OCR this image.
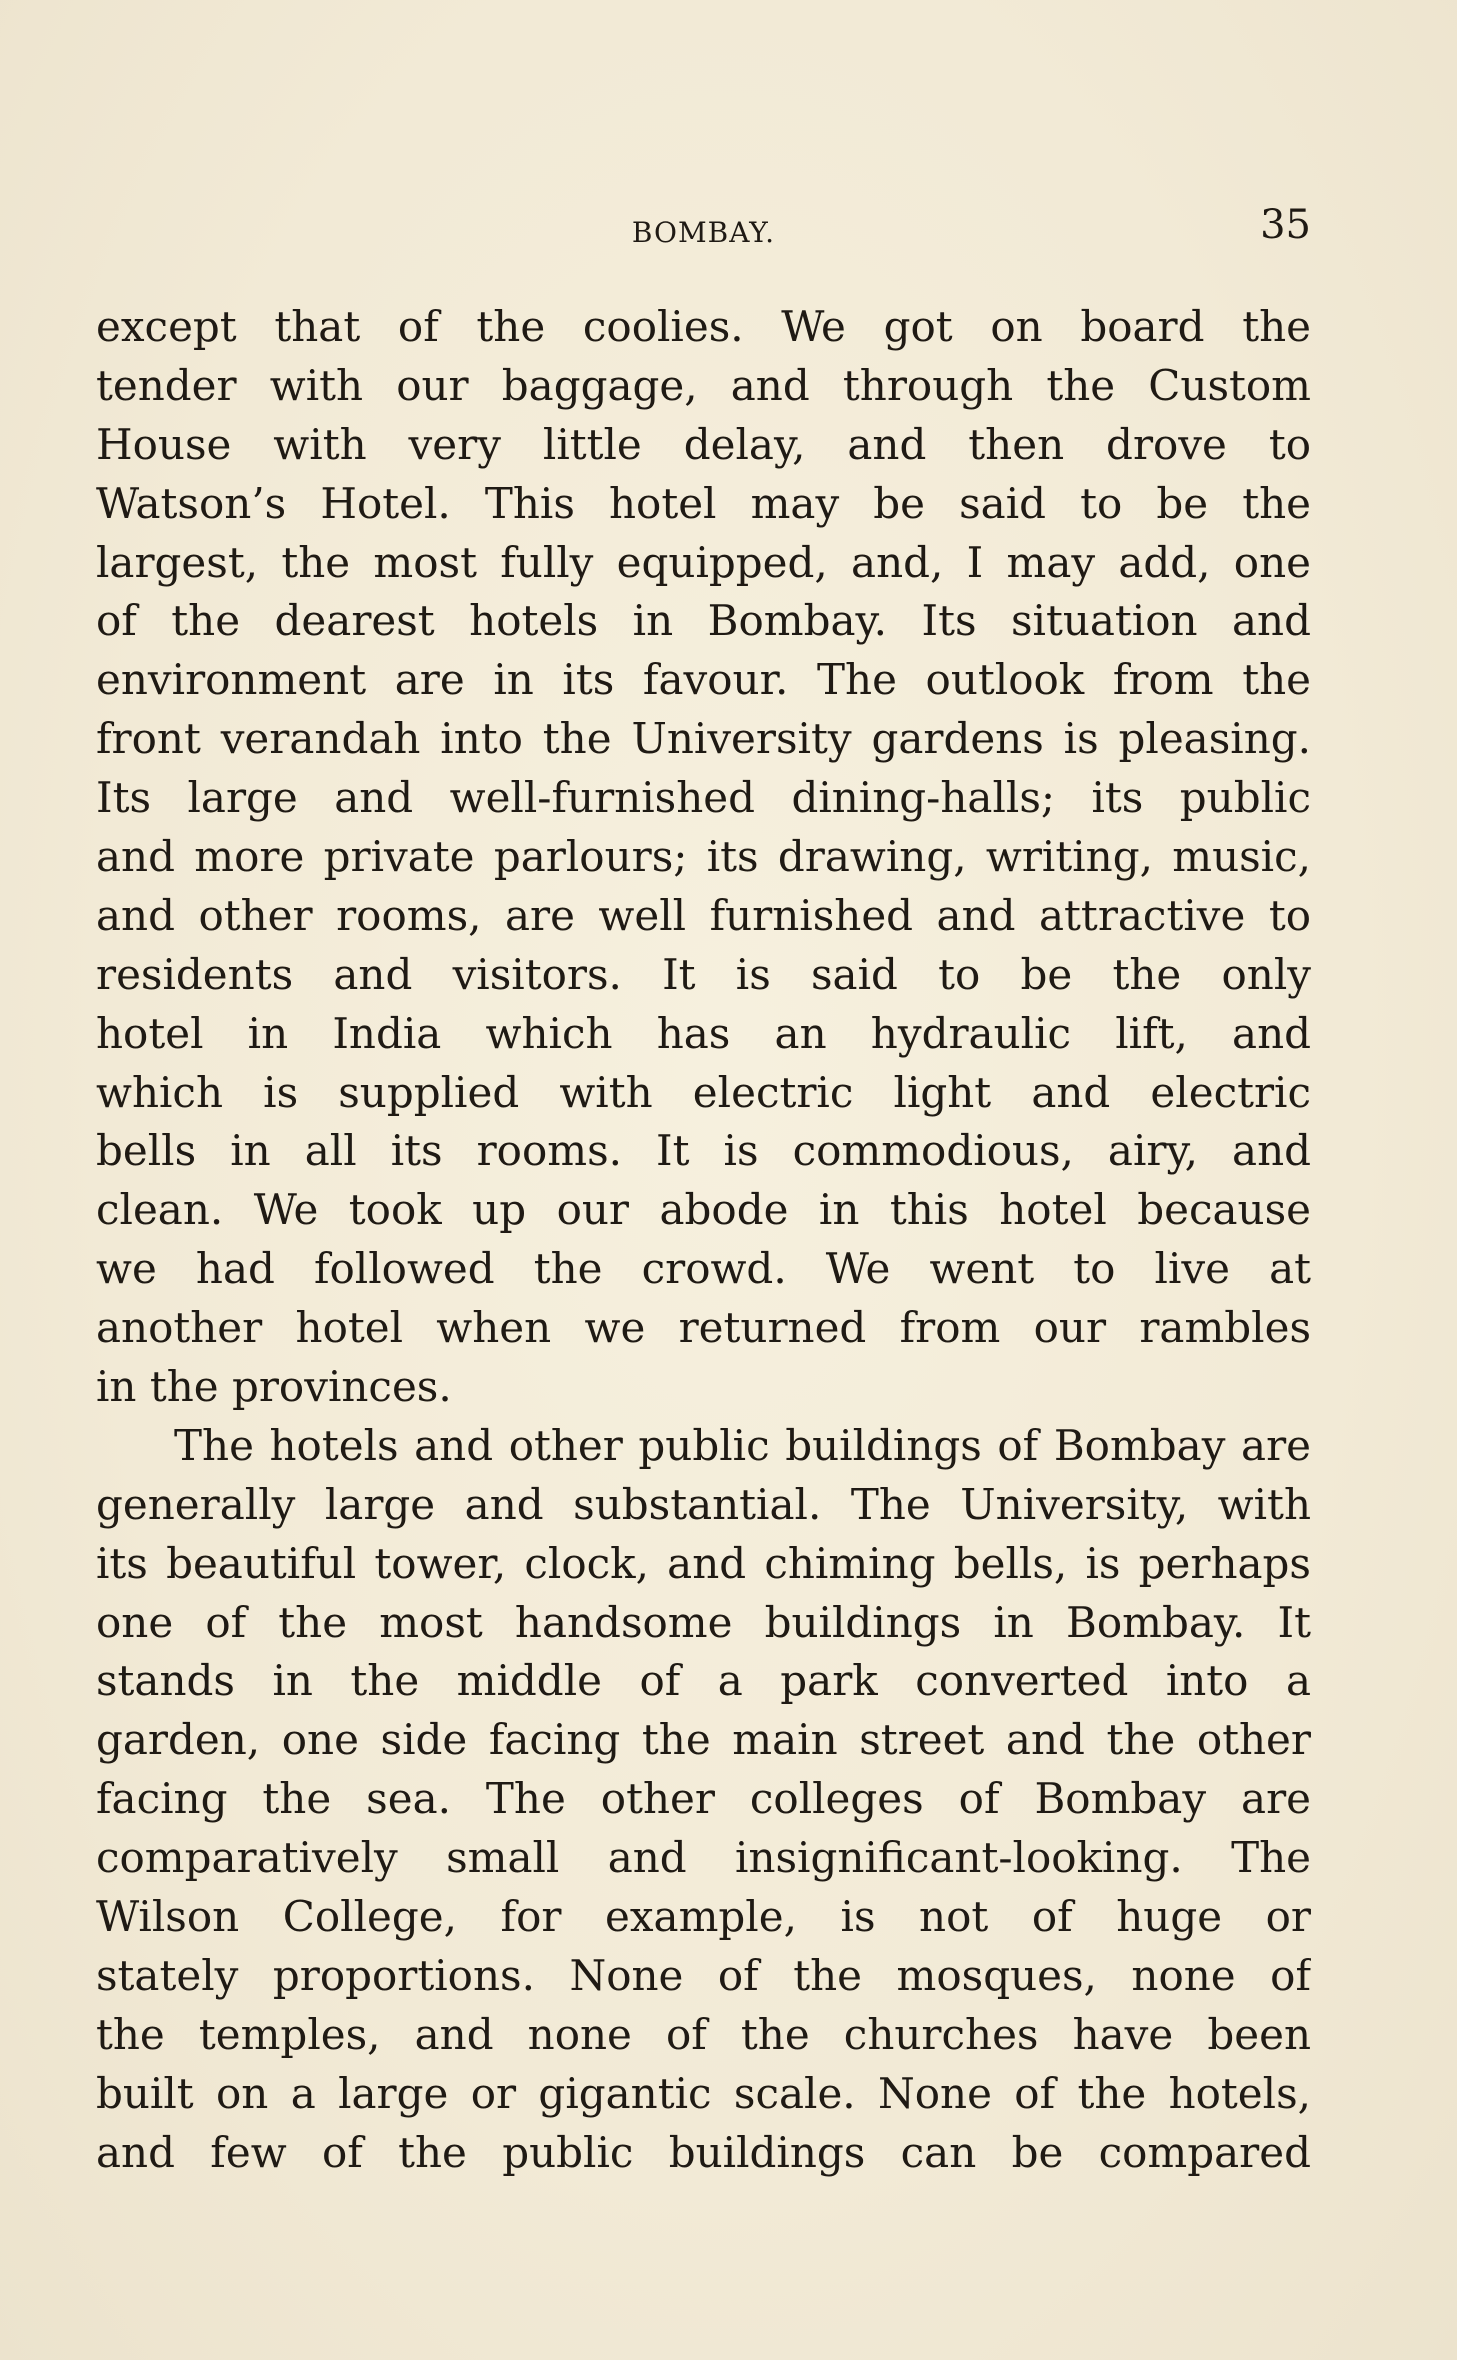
BOMBAY.	35
except that of the coolies. We got on board the
tender with our baggage, and through the Custom
House with very little delay, and then drove to
Watson’s Hotel. This hotel may be said to be the
largest, the most fully equipped, and, I may add, one
of the dearest hotels in Bombay. Its situation and
environment are in its favour. The outlook from the
front verandah into the University gardens is pleasing.
Its large and well-furnished dining-halls; its public
and more private parlours; its drawing, writing, music,
and other rooms, are well furnished and attractive to
residents and visitors. It is said to be the only
hotel in India which has an hydraulic lift, and
which is supplied with electric light and electric
bells in all its rooms. It is commodious, airy, and
clean. We took up our abode in this hotel because
we had followed the crowd. We went to live at
another hotel when we returned from our rambles
in the provinces.
The hotels and other public buildings of Bombay are
generally large and substantial. The University, with
its beautiful tower, clock, and chiming bells, is perhaps
one of the most handsome buildings in Bombay. It
stands in the middle of a park converted into a
garden, one side facing the main street and the other
facing the sea. The other colleges of Bombay are
comparatively small and insignificant-looking. The
Wilson College, for example, is not of huge or
stately proportions. None of the mosques, none of
the temples, and none of the churches have been
built on a large or gigantic scale. None of the hotels,
and few of the public buildings can be compared
